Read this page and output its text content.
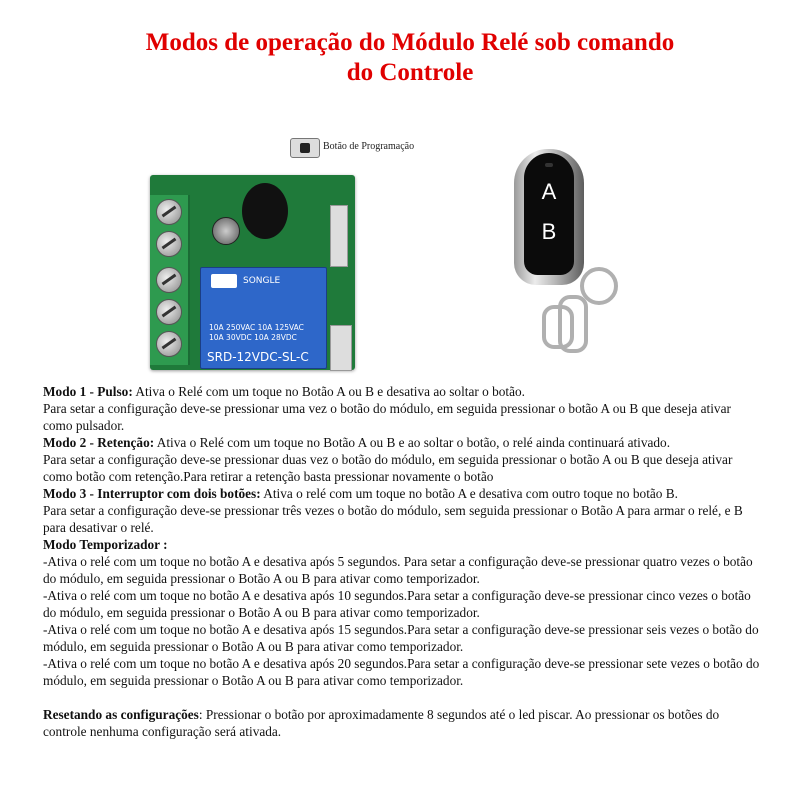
Modos de operação do Módulo Relé sob comando
do Controle
Botão de Programação
SONGLE
10A 250VAC 10A 125VAC
10A 30VDC 10A 28VDC
SRD-12VDC-SL-C
A
B

Modo 1 - Pulso: Ativa o Relé com um toque no Botão A ou B e desativa ao soltar o botão.

Para setar a configuração deve-se pressionar uma vez o botão do módulo, em seguida pressionar o botão A ou B que deseja ativar como pulsador.

Modo 2 - Retenção: Ativa o Relé com um toque no Botão A ou B e ao soltar o botão, o relé ainda continuará ativado.

Para setar a configuração deve-se pressionar duas vez o botão do módulo, em seguida pressionar o botão A ou B que deseja ativar como botão com retenção.Para retirar a retenção basta pressionar novamente o botão

Modo 3 - Interruptor com dois botões: Ativa o relé com um toque no botão A e desativa com outro toque no botão B.

Para setar a configuração deve-se pressionar três vezes o botão do módulo, sem seguida pressionar o Botão A para armar o relé, e B para desativar o relé.

Modo Temporizador :

-Ativa o relé com um toque no botão A e desativa após 5 segundos. Para setar a configuração deve-se pressionar quatro vezes o botão do módulo, em seguida pressionar o Botão A ou B para ativar como temporizador.

-Ativa o relé com um toque no botão A e desativa após 10 segundos.Para setar a configuração deve-se pressionar cinco vezes o botão do módulo, em seguida pressionar o Botão A ou B para ativar como temporizador.

-Ativa o relé com um toque no botão A e desativa após 15 segundos.Para setar a configuração deve-se pressionar seis vezes o botão do módulo, em seguida pressionar o Botão A ou B para ativar como temporizador.

-Ativa o relé com um toque no botão A e desativa após 20 segundos.Para setar a configuração deve-se pressionar sete vezes o botão do módulo, em seguida pressionar o Botão A ou B para ativar como temporizador.

Resetando as configurações: Pressionar o botão por aproximadamente 8 segundos até o led piscar. Ao pressionar os botões do controle nenhuma configuração será ativada.
